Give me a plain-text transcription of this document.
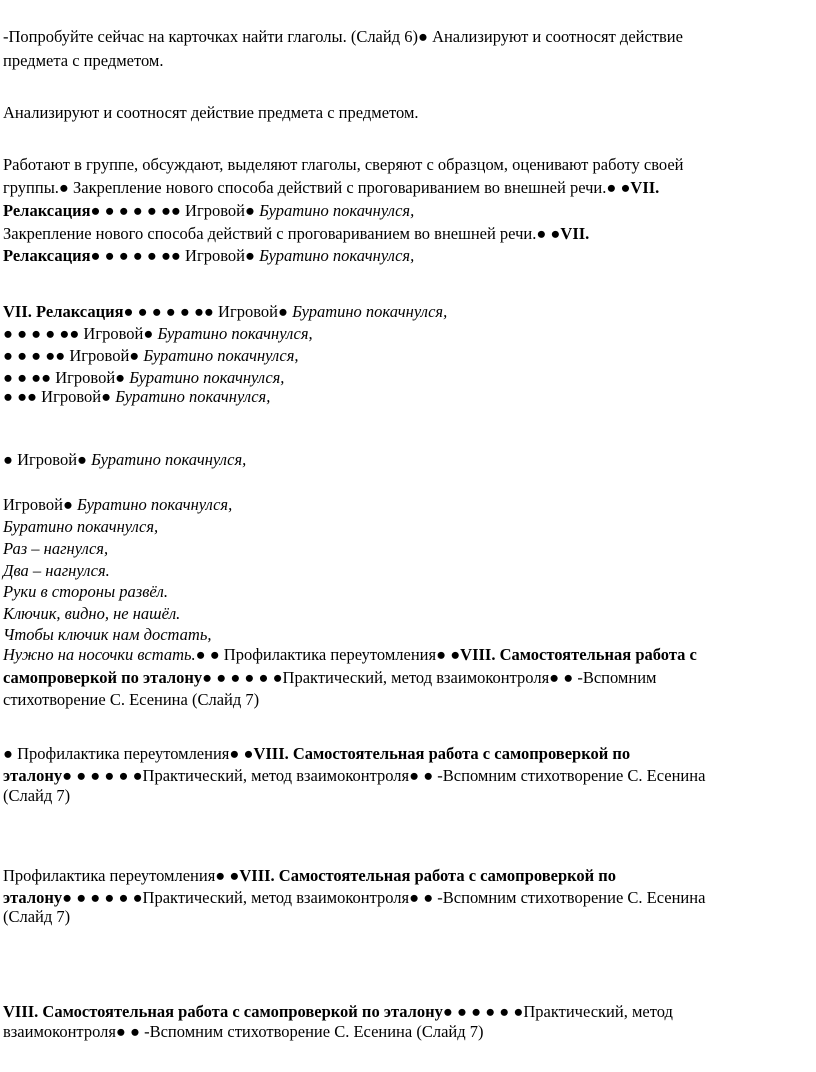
-Попробуйте сейчас на карточках найти глаголы. (Слайд 6)● Анализируют и соотносят действие
предмета с предметом.
Анализируют и соотносят действие предмета с предметом.
Работают в группе, обсуждают, выделяют глаголы, сверяют с образцом, оценивают работу своей
группы.● Закрепление нового способа действий с проговариванием во внешней речи.● ●VII.
Релаксация● ● ● ● ● ●● Игровой● Буратино покачнулся,
Закрепление нового способа действий с проговариванием во внешней речи.● ●VII.
Релаксация● ● ● ● ● ●● Игровой● Буратино покачнулся,
VII. Релаксация● ● ● ● ● ●● Игровой● Буратино покачнулся,
● ● ● ● ●● Игровой● Буратино покачнулся,
● ● ● ●● Игровой● Буратино покачнулся,
● ● ●● Игровой● Буратино покачнулся,
● ●● Игровой● Буратино покачнулся,
● Игровой● Буратино покачнулся,
Игровой● Буратино покачнулся,
Буратино покачнулся,
Раз – нагнулся,
Два – нагнулся.
Руки в стороны развёл.
Ключик, видно, не нашёл.
Чтобы ключик нам достать,
Нужно на носочки встать.● ● Профилактика переутомления● ●VIII. Самостоятельная работа с
самопроверкой по эталону● ● ● ● ● ●Практический, метод взаимоконтроля● ● -Вспомним
стихотворение С. Есенина (Слайд 7)
● Профилактика переутомления● ●VIII. Самостоятельная работа с самопроверкой по
эталону● ● ● ● ● ●Практический, метод взаимоконтроля● ● -Вспомним стихотворение С. Есенина
(Слайд 7)
Профилактика переутомления● ●VIII. Самостоятельная работа с самопроверкой по
эталону● ● ● ● ● ●Практический, метод взаимоконтроля● ● -Вспомним стихотворение С. Есенина
(Слайд 7)
VIII. Самостоятельная работа с самопроверкой по эталону● ● ● ● ● ●Практический, метод
взаимоконтроля● ● -Вспомним стихотворение С. Есенина (Слайд 7)
